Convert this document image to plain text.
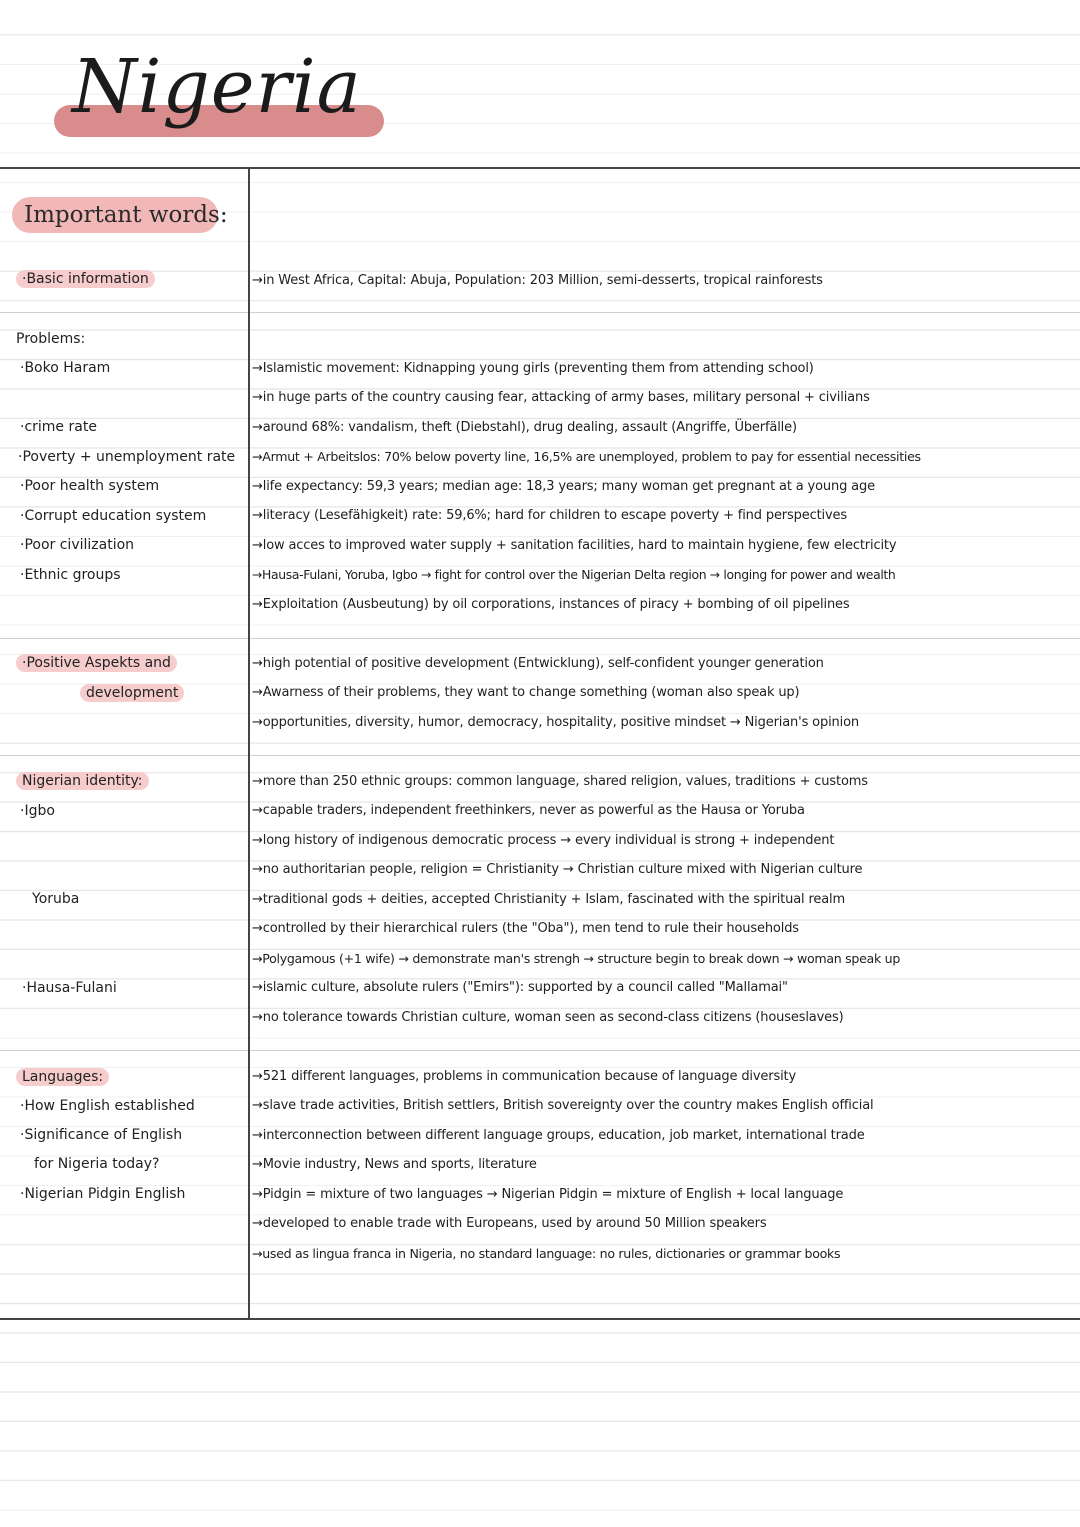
Nigeria
Important words:
·Basic information	→in West Africa, Capital: Abuja, Population: 203 Million, semi-desserts, tropical rainforests
Problems:
·Boko Haram
·crime rate
·Poverty + unemployment rate
·Poor health system
·Corrupt education system
·Poor civilization
·Ethnic groups
→Islamistic movement: Kidnapping young girls (preventing them from attending school)
→in huge parts of the country causing fear, attacking of army bases, military personal + civilians
→around 68%: vandalism, theft (Diebstahl), drug dealing, assault (Angriffe, Überfälle)
→Armut + Arbeitslos: 70% below poverty line, 16,5% are unemployed, problem to pay for essential necessities
→life expectancy: 59,3 years; median age: 18,3 years; many woman get pregnant at a young age
→literacy (Lesefähigkeit) rate: 59,6%; hard for children to escape poverty + find perspectives
→low acces to improved water supply + sanitation facilities, hard to maintain hygiene, few electricity
→Hausa-Fulani, Yoruba, Igbo → fight for control over the Nigerian Delta region → longing for power and wealth
→Exploitation (Ausbeutung) by oil corporations, instances of piracy + bombing of oil pipelines
·Positive Aspekts and
development
→high potential of positive development (Entwicklung), self-confident younger generation
→Awarness of their problems, they want to change something (woman also speak up)
→opportunities, diversity, humor, democracy, hospitality, positive mindset → Nigerian's opinion
Nigerian identity:
·Igbo
Yoruba
·Hausa-Fulani
→more than 250 ethnic groups: common language, shared religion, values, traditions + customs
→capable traders, independent freethinkers, never as powerful as the Hausa or Yoruba
→long history of indigenous democratic process → every individual is strong + independent
→no authoritarian people, religion = Christianity → Christian culture mixed with Nigerian culture
→traditional gods + deities, accepted Christianity + Islam, fascinated with the spiritual realm
→controlled by their hierarchical rulers (the "Oba"), men tend to rule their households
→Polygamous (+1 wife) → demonstrate man's strengh → structure begin to break down → woman speak up
→islamic culture, absolute rulers ("Emirs"): supported by a council called "Mallamai"
→no tolerance towards Christian culture, woman seen as second-class citizens (houseslaves)
Languages:
·How English established
·Significance of English
for Nigeria today?
·Nigerian Pidgin English
→521 different languages, problems in communication because of language diversity
→slave trade activities, British settlers, British sovereignty over the country makes English official
→interconnection between different language groups, education, job market, international trade
→Movie industry, News and sports, literature
→Pidgin = mixture of two languages → Nigerian Pidgin = mixture of English + local language
→developed to enable trade with Europeans, used by around 50 Million speakers
→used as lingua franca in Nigeria, no standard language: no rules, dictionaries or grammar books
